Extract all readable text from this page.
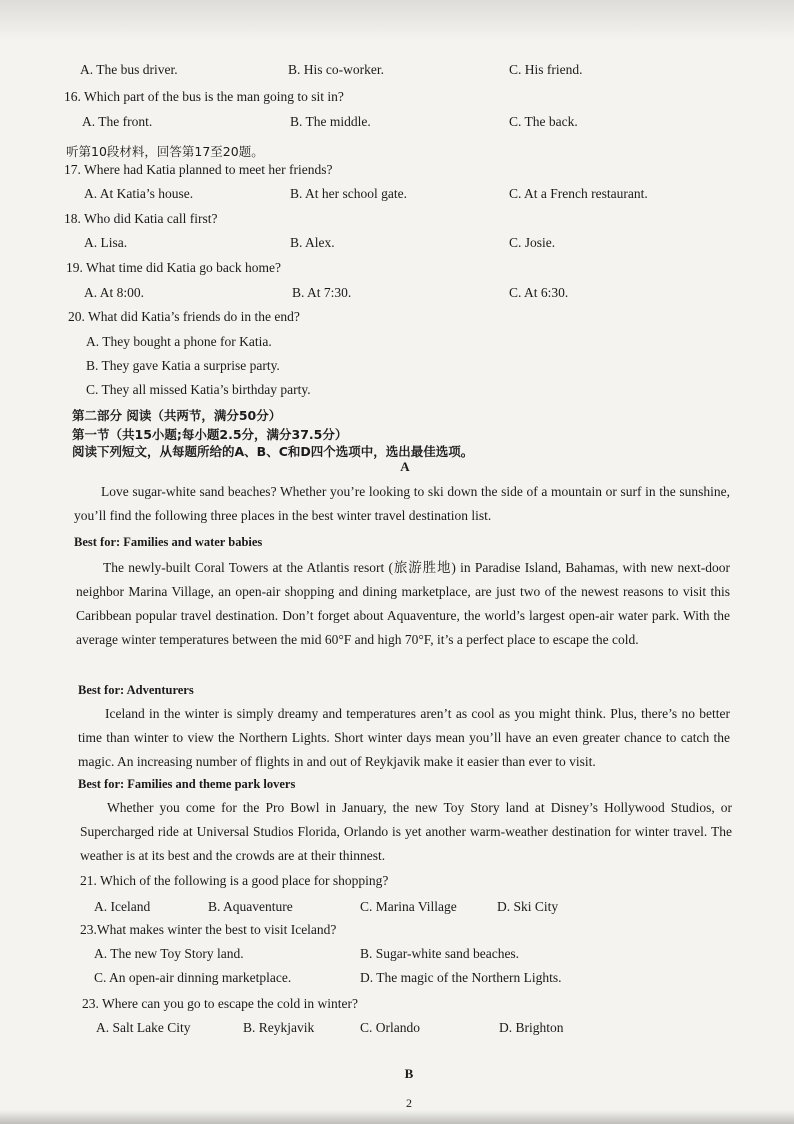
A. The bus driver.	B. His co-worker.	C. His friend.
16. Which part of the bus is the man going to sit in?
A. The front.	B. The middle.	C. The back.
听第10段材料，回答第17至20题。
17. Where had Katia planned to meet her friends?
A. At Katia’s house.	B. At her school gate.	C. At a French restaurant.
18. Who did Katia call first?
A. Lisa.	B. Alex.	C. Josie.
19. What time did Katia go back home?
A. At 8:00.	B. At 7:30.	C. At 6:30.
20. What did Katia’s friends do in the end?
A. They bought a phone for Katia.
B. They gave Katia a surprise party.
C. They all missed Katia’s birthday party.
第二部分 阅读（共两节，满分50分）
第一节（共15小题;每小题2.5分，满分37.5分）
阅读下列短文，从每题所给的A、B、C和D四个选项中，选出最佳选项。
A

Love sugar-white sand beaches? Whether you’re looking to ski down the side of a mountain or surf in the sunshine, you’ll find the following three places in the best winter travel destination list.

Best for: Families and water babies

The newly-built Coral Towers at the Atlantis resort (旅游胜地) in Paradise Island, Bahamas, with new next-door neighbor Marina Village, an open-air shopping and dining marketplace, are just two of the newest reasons to visit this Caribbean popular travel destination. Don’t forget about Aquaventure, the world’s largest open-air water park. With the average winter temperatures between the mid 60°F and high 70°F, it’s a perfect place to escape the cold.

Best for: Adventurers

Iceland in the winter is simply dreamy and temperatures aren’t as cool as you might think. Plus, there’s no better time than winter to view the Northern Lights. Short winter days mean you’ll have an even greater chance to catch the magic. An increasing number of flights in and out of Reykjavik make it easier than ever to visit.

Best for: Families and theme park lovers

Whether you come for the Pro Bowl in January, the new Toy Story land at Disney’s Hollywood Studios, or Supercharged ride at Universal Studios Florida, Orlando is yet another warm-weather destination for winter travel. The weather is at its best and the crowds are at their thinnest.

21. Which of the following is a good place for shopping?
A. Iceland	B. Aquaventure	C. Marina Village	D. Ski City
23.What makes winter the best to visit Iceland?
A. The new Toy Story land.	B. Sugar-white sand beaches.
C. An open-air dinning marketplace.	D. The magic of the Northern Lights.
23. Where can you go to escape the cold in winter?
A. Salt Lake City	B. Reykjavik	C. Orlando	D. Brighton
B
2
